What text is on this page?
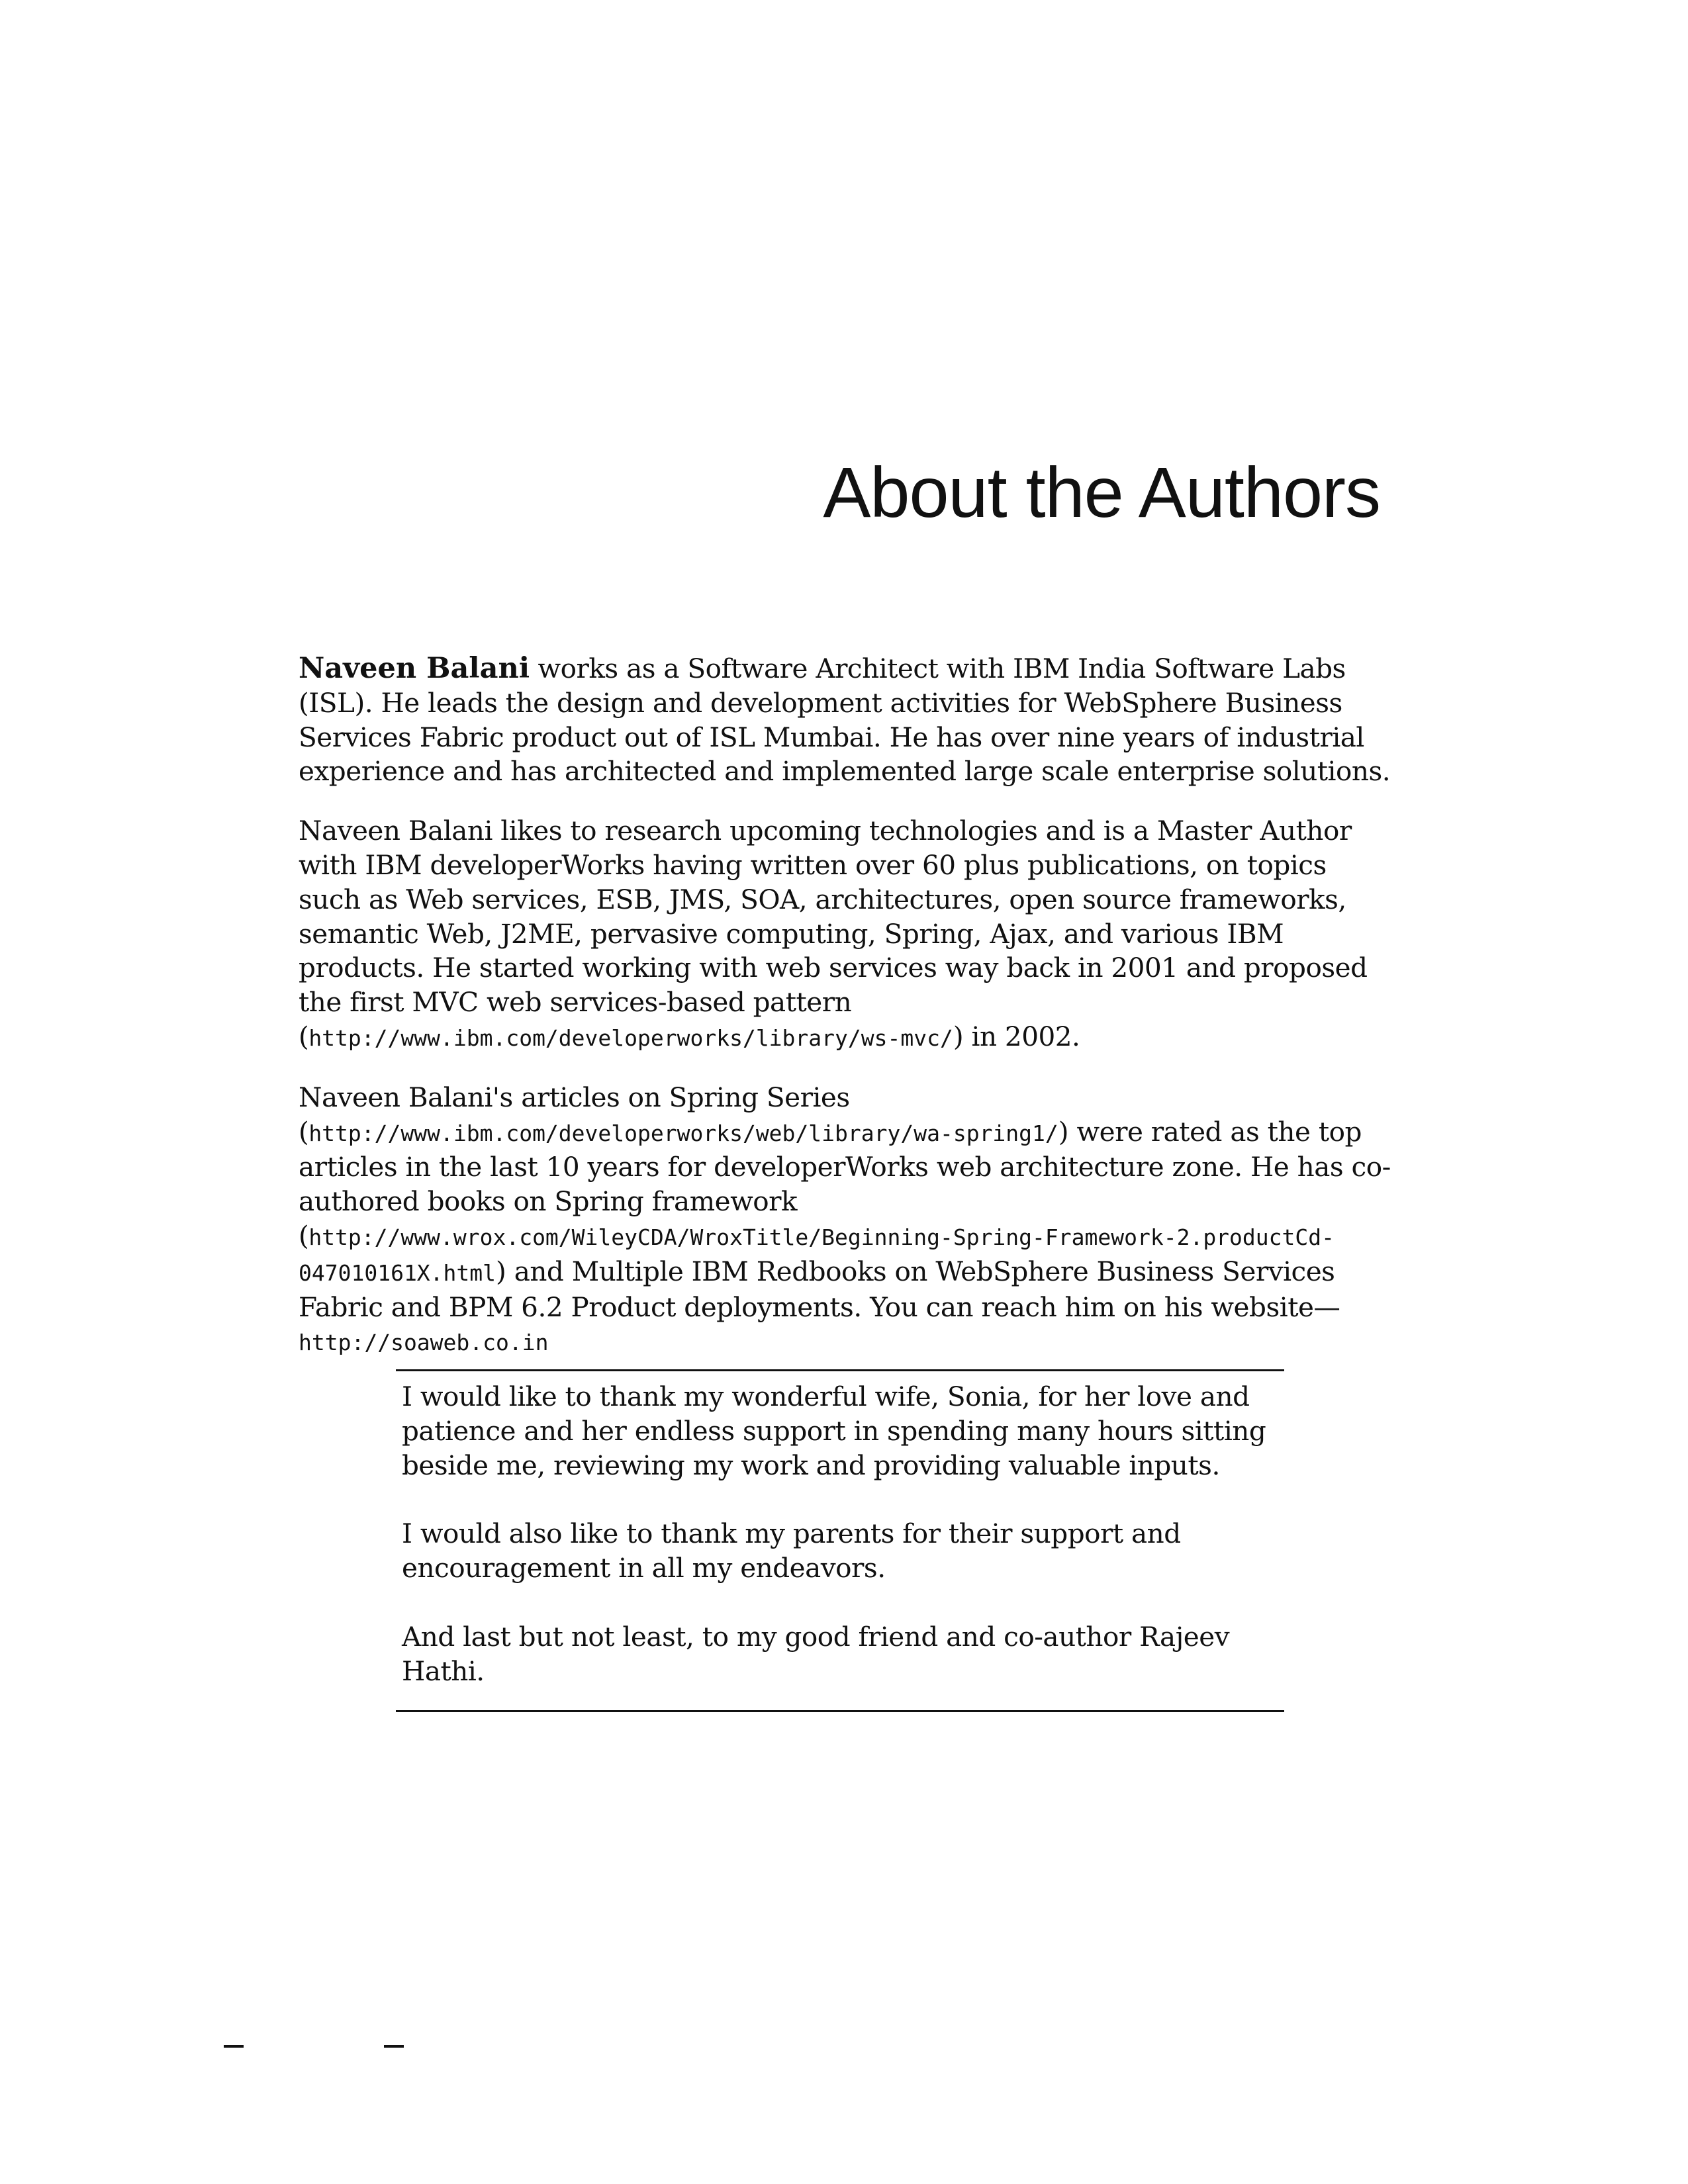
About the Authors

Naveen Balani works as a Software Architect with IBM India Software Labs (ISL). He leads the design and development activities for WebSphere Business Services Fabric product out of ISL Mumbai. He has over nine years of industrial experience and has architected and implemented large scale enterprise solutions.

Naveen Balani likes to research upcoming technologies and is a Master Author with IBM developerWorks having written over 60 plus publications, on topics such as Web services, ESB, JMS, SOA, architectures, open source frameworks, semantic Web, J2ME, pervasive computing, Spring, Ajax, and various IBM products. He started working with web services way back in 2001 and proposed the first MVC web services-based pattern (http://www.ibm.com/developerworks/library/ws-mvc/) in 2002.

Naveen Balani's articles on Spring Series (http://www.ibm.com/developerworks/web/library/wa-spring1/) were rated as the top articles in the last 10 years for developerWorks web architecture zone. He has co-authored books on Spring framework (http://www.wrox.com/WileyCDA/WroxTitle/Beginning-Spring-Framework-2.productCd-047010161X.html) and Multiple IBM Redbooks on WebSphere Business Services Fabric and BPM 6.2 Product deployments. You can reach him on his website—http://soaweb.co.in

I would like to thank my wonderful wife, Sonia, for her love and patience and her endless support in spending many hours sitting beside me, reviewing my work and providing valuable inputs.

I would also like to thank my parents for their support and encouragement in all my endeavors.

And last but not least, to my good friend and co-author Rajeev Hathi.
